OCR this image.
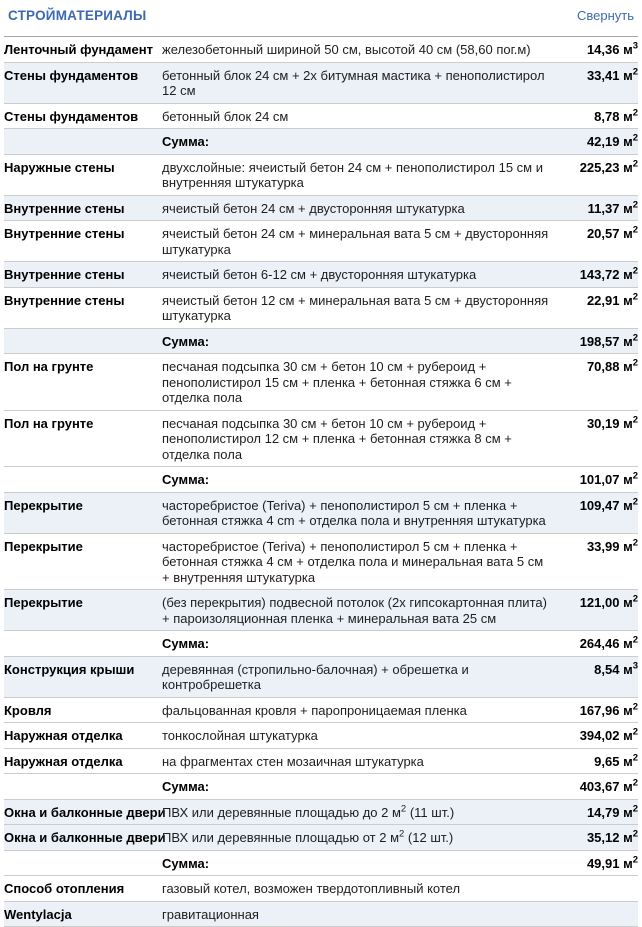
СТРОЙМАТЕРИАЛЫ	Свернуть
Ленточный фундамент	железобетонный шириной 50 см, высотой 40 см (58,60 пог.м)	14,36 $м^3$
Стены фундаментов	бетонный блок 24 см + 2х битумная мастика + пенополистирол 12 см	33,41 $м^2$
Стены фундаментов	бетонный блок 24 см	8,78 $м^2$
	Сумма:	42,19 $м^2$
Наружные стены	двухслойные: ячеистый бетон 24 см + пенополистирол 15 см и внутренняя штукатурка	225,23 $м^2$
Внутренние стены	ячеистый бетон 24 см + двусторонняя штукатурка	11,37 $м^2$
Внутренние стены	ячеистый бетон 24 см + минеральная вата 5 см + двусторонняя штукатурка	20,57 $м^2$
Внутренние стены	ячеистый бетон 6-12 см + двусторонняя штукатурка	143,72 $м^2$
Внутренние стены	ячеистый бетон 12 см + минеральная вата 5 см + двусторонняя штукатурка	22,91 $м^2$
	Сумма:	198,57 $м^2$
Пол на грунте	песчаная подсыпка 30 см + бетон 10 см + рубероид + пенополистирол 15 см + пленка + бетонная стяжка 6 см + отделка пола	70,88 $м^2$
Пол на грунте	песчаная подсыпка 30 см + бетон 10 см + рубероид + пенополистирол 12 см + пленка + бетонная стяжка 8 см + отделка пола	30,19 $м^2$
	Сумма:	101,07 $м^2$
Перекрытие	часторебристое (Teriva) + пенополистирол 5 см + пленка + бетонная стяжка 4 cm + отделка пола и внутренняя штукатурка	109,47 $м^2$
Перекрытие	часторебристое (Teriva) + пенополистирол 5 см + пленка + бетонная стяжка 4 см + отделка пола и минеральная вата 5 см + внутренняя штукатурка	33,99 $м^2$
Перекрытие	(без перекрытия) подвесной потолок (2х гипсокартонная плита) + пароизоляционная пленка + минеральная вата 25 см	121,00 $м^2$
	Сумма:	264,46 $м^2$
Конструкция крыши	деревянная (стропильно-балочная) + обрешетка и контробрешетка	8,54 $м^3$
Кровля	фальцованная кровля + паропроницаемая пленка	167,96 $м^2$
Наружная отделка	тонкослойная штукатурка	394,02 $м^2$
Наружная отделка	на фрагментах стен мозаичная штукатурка	9,65 $м^2$
	Сумма:	403,67 $м^2$
Окна и балконные двери	ПВХ или деревянные площадью до 2 $м^2$ (11 шт.)	14,79 $м^2$
Окна и балконные двери	ПВХ или деревянные площадью от 2 $м^2$ (12 шт.)	35,12 $м^2$
	Сумма:	49,91 $м^2$
Способ отопления	газовый котел, возможен твердотопливный котел	
Wentylacja	гравитационная	
